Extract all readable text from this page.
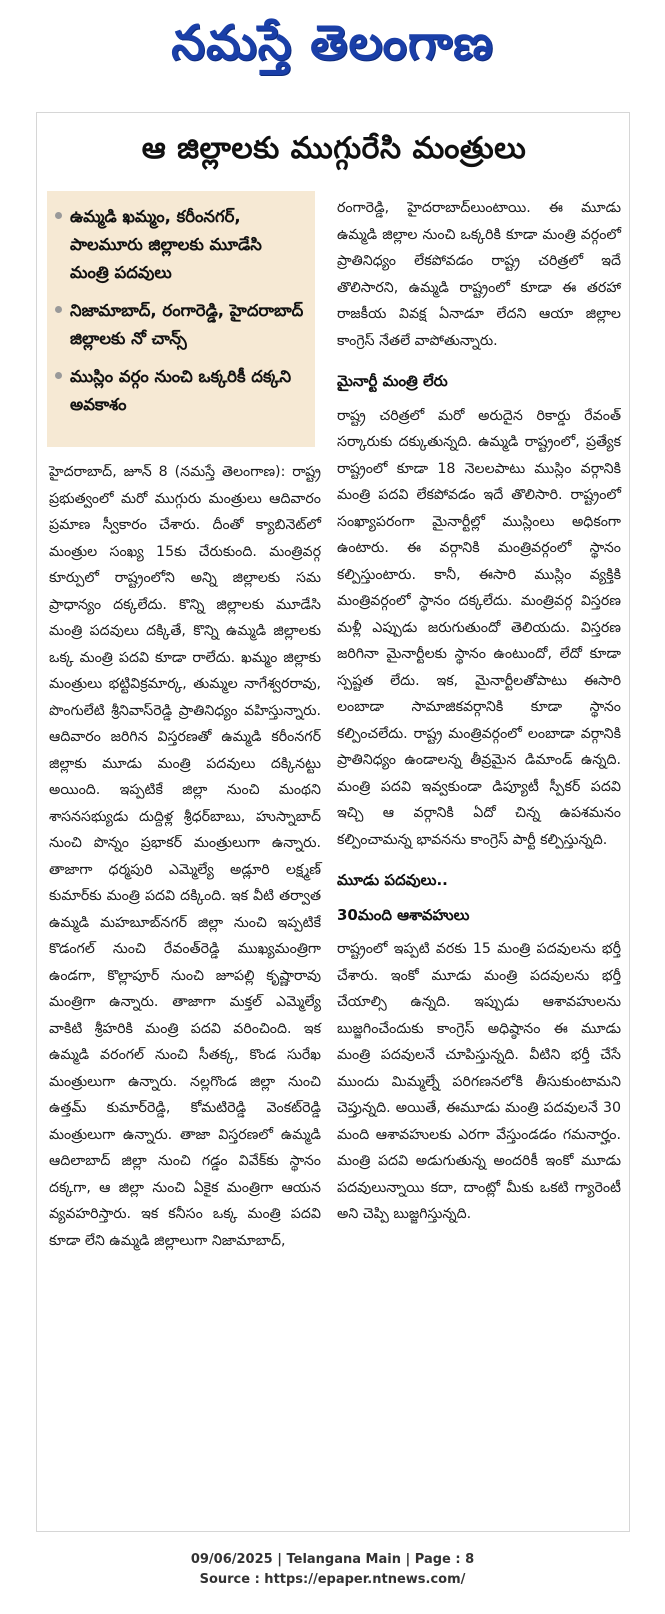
నమస్తే తెలంగాణ
ఆ జిల్లాలకు ముగ్గురేసి మంత్రులు
ఉమ్మడి ఖమ్మం, కరీంనగర్, పాలమూరు జిల్లాలకు మూడేసి మంత్రి పదవులు
నిజామాబాద్, రంగారెడ్డి, హైదరాబాద్ జిల్లాలకు నో చాన్స్
ముస్లిం వర్గం నుంచి ఒక్కరికీ దక్కని అవకాశం

హైదరాబాద్, జూన్ 8 (నమస్తే తెలంగాణ): రాష్ట్ర ప్రభుత్వంలో మరో ముగ్గురు మంత్రులు ఆదివారం ప్రమాణ స్వీకారం చేశారు. దీంతో క్యాబినెట్‌లో మంత్రుల సంఖ్య 15కు చేరుకుంది. మంత్రివర్గ కూర్పులో రాష్ట్రంలోని అన్ని జిల్లాలకు సమ ప్రాధాన్యం దక్కలేదు. కొన్ని జిల్లాలకు మూడేసి మంత్రి పదవులు దక్కితే, కొన్ని ఉమ్మడి జిల్లాలకు ఒక్క మంత్రి పదవి కూడా రాలేదు. ఖమ్మం జిల్లాకు మంత్రులు భట్టివిక్రమార్క, తుమ్మల నాగేశ్వరరావు, పొంగులేటి శ్రీనివాస్‌రెడ్డి ప్రాతినిధ్యం వహిస్తున్నారు. ఆదివారం జరిగిన విస్తరణతో ఉమ్మడి కరీంనగర్ జిల్లాకు మూడు మంత్రి పదవులు దక్కినట్టు అయింది. ఇప్పటికే జిల్లా నుంచి మంథని శాసనసభ్యుడు దుద్దిళ్ల శ్రీధర్‌బాబు, హుస్నాబాద్ నుంచి పొన్నం ప్రభాకర్ మంత్రులుగా ఉన్నారు. తాజాగా ధర్మపురి ఎమ్మెల్యే అడ్లూరి లక్ష్మణ్ కుమార్‌కు మంత్రి పదవి దక్కింది. ఇక వీటి తర్వాత ఉమ్మడి మహబూబ్‌నగర్ జిల్లా నుంచి ఇప్పటికే కొడంగల్ నుంచి రేవంత్‌రెడ్డి ముఖ్యమంత్రిగా ఉండగా, కొల్లాపూర్ నుంచి జూపల్లి కృష్ణారావు మంత్రిగా ఉన్నారు. తాజాగా మక్తల్ ఎమ్మెల్యే వాకిటి శ్రీహరికి మంత్రి పదవి వరించింది. ఇక ఉమ్మడి వరంగల్ నుంచి సీతక్క, కొండ సురేఖ మంత్రులుగా ఉన్నారు. నల్లగొండ జిల్లా నుంచి ఉత్తమ్ కుమార్‌రెడ్డి, కోమటిరెడ్డి వెంకట్‌రెడ్డి మంత్రులుగా ఉన్నారు. తాజా విస్తరణలో ఉమ్మడి ఆదిలాబాద్ జిల్లా నుంచి గడ్డం వివేక్‌కు స్థానం దక్కగా, ఆ జిల్లా నుంచి ఏకైక మంత్రిగా ఆయన వ్యవహరిస్తారు. ఇక కనీసం ఒక్క మంత్రి పదవి కూడా లేని ఉమ్మడి జిల్లాలుగా నిజామాబాద్,

రంగారెడ్డి, హైదరాబాద్‌లుంటాయి. ఈ మూడు ఉమ్మడి జిల్లాల నుంచి ఒక్కరికి కూడా మంత్రి వర్గంలో ప్రాతినిధ్యం లేకపోవడం రాష్ట్ర చరిత్రలో ఇదే తొలిసారని, ఉమ్మడి రాష్ట్రంలో కూడా ఈ తరహా రాజకీయ వివక్ష ఏనాడూ లేదని ఆయా జిల్లాల కాంగ్రెస్ నేతలే వాపోతున్నారు.

మైనార్టీ మంత్రి లేరు

రాష్ట్ర చరిత్రలో మరో అరుదైన రికార్డు రేవంత్ సర్కారుకు దక్కుతున్నది. ఉమ్మడి రాష్ట్రంలో, ప్రత్యేక రాష్ట్రంలో కూడా 18 నెలలపాటు ముస్లిం వర్గానికి మంత్రి పదవి లేకపోవడం ఇదే తొలిసారి. రాష్ట్రంలో సంఖ్యాపరంగా మైనార్టీల్లో ముస్లింలు అధికంగా ఉంటారు. ఈ వర్గానికి మంత్రివర్గంలో స్థానం కల్పిస్తుంటారు. కానీ, ఈసారి ముస్లిం వ్యక్తికి మంత్రివర్గంలో స్థానం దక్కలేదు. మంత్రివర్గ విస్తరణ మళ్లీ ఎప్పుడు జరుగుతుందో తెలియదు. విస్తరణ జరిగినా మైనార్టీలకు స్థానం ఉంటుందో, లేదో కూడా స్పష్టత లేదు. ఇక, మైనార్టీలతోపాటు ఈసారి లంబాడా సామాజికవర్గానికి కూడా స్థానం కల్పించలేదు. రాష్ట్ర మంత్రివర్గంలో లంబాడా వర్గానికి ప్రాతినిధ్యం ఉండాలన్న తీవ్రమైన డిమాండ్ ఉన్నది. మంత్రి పదవి ఇవ్వకుండా డిప్యూటీ స్పీకర్ పదవి ఇచ్చి ఆ వర్గానికి ఏదో చిన్న ఉపశమనం కల్పించామన్న భావనను కాంగ్రెస్ పార్టీ కల్పిస్తున్నది.

మూడు పదవులు..
30మంది ఆశావహులు

రాష్ట్రంలో ఇప్పటి వరకు 15 మంత్రి పదవులను భర్తీ చేశారు. ఇంకో మూడు మంత్రి పదవులను భర్తీ చేయాల్సి ఉన్నది. ఇప్పుడు ఆశావహులను బుజ్జగించేందుకు కాంగ్రెస్ అధిష్ఠానం ఈ మూడు మంత్రి పదవులనే చూపిస్తున్నది. వీటిని భర్తీ చేసే ముందు మిమ్మల్నే పరిగణనలోకి తీసుకుంటామని చెప్తున్నది. అయితే, ఈమూడు మంత్రి పదవులనే 30 మంది ఆశావహులకు ఎరగా వేస్తుండడం గమనార్హం. మంత్రి పదవి అడుగుతున్న అందరికీ ఇంకో మూడు పదవులున్నాయి కదా, దాంట్లో మీకు ఒకటి గ్యారెంటీ అని చెప్పి బుజ్జగిస్తున్నది.

09/06/2025 | Telangana Main | Page : 8
Source : https://epaper.ntnews.com/
